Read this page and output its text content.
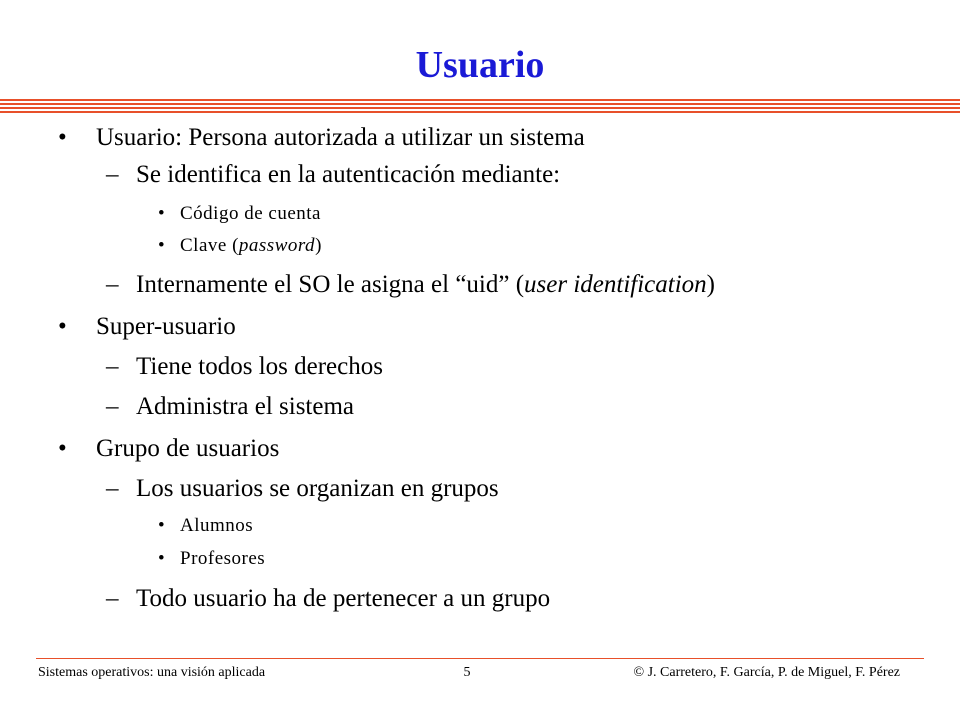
Usuario
• Usuario: Persona autorizada a utilizar un sistema
– Se identifica en la autenticación mediante:
• Código de cuenta
• Clave (password)
– Internamente el SO le asigna el “uid” (user identification)
• Super-usuario
– Tiene todos los derechos
– Administra el sistema
• Grupo de usuarios
– Los usuarios se organizan en grupos
• Alumnos
• Profesores
– Todo usuario ha de pertenecer a un grupo
Sistemas operativos: una visión aplicada	5	© J. Carretero, F. García, P. de Miguel, F. Pérez
